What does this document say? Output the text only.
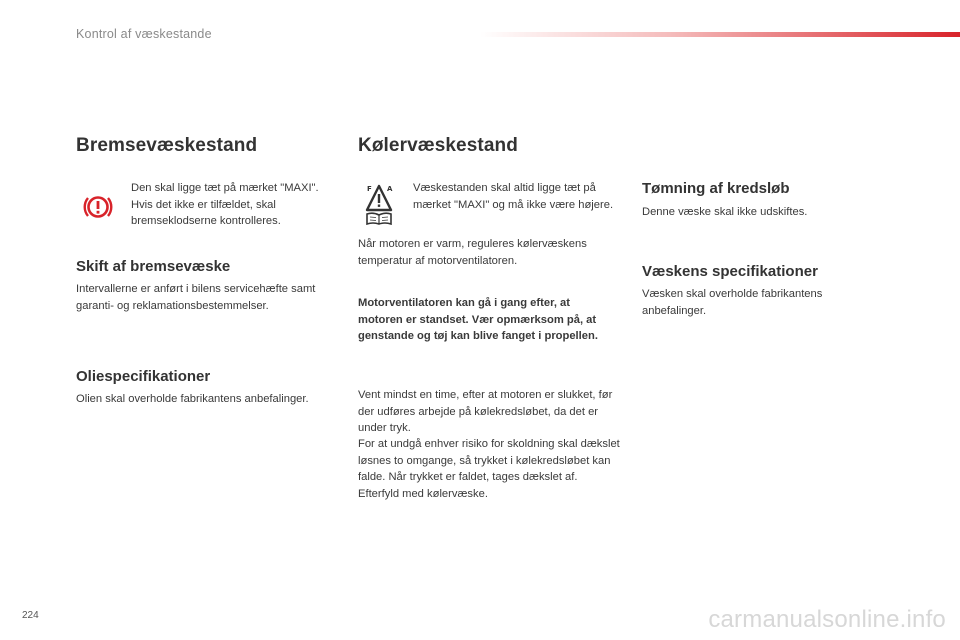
Kontrol af væskestande
Bremsevæskestand

Den skal ligge tæt på mærket "MAXI". Hvis det ikke er tilfældet, skal bremseklodserne kontrolleres.

Skift af bremsevæske

Intervallerne er anført i bilens servicehæfte samt garanti- og reklamationsbestemmelser.

Oliespecifikationer

Olien skal overholde fabrikantens anbefalinger.

Kølervæskestand
F A Væskestanden skal altid ligge tæt på mærket "MAXI" og må ikke være højere.

Når motoren er varm, reguleres kølervæskens temperatur af motorventilatoren.

Motorventilatoren kan gå i gang efter, at motoren er standset. Vær opmærksom på, at genstande og tøj kan blive fanget i propellen.

Vent mindst en time, efter at motoren er slukket, før der udføres arbejde på kølekredsløbet, da det er under tryk.

For at undgå enhver risiko for skoldning skal dækslet løsnes to omgange, så trykket i kølekredsløbet kan falde. Når trykket er faldet, tages dækslet af. Efterfyld med kølervæske.

Tømning af kredsløb

Denne væske skal ikke udskiftes.

Væskens specifikationer

Væsken skal overholde fabrikantens anbefalinger.

224	carmanualsonline.info
